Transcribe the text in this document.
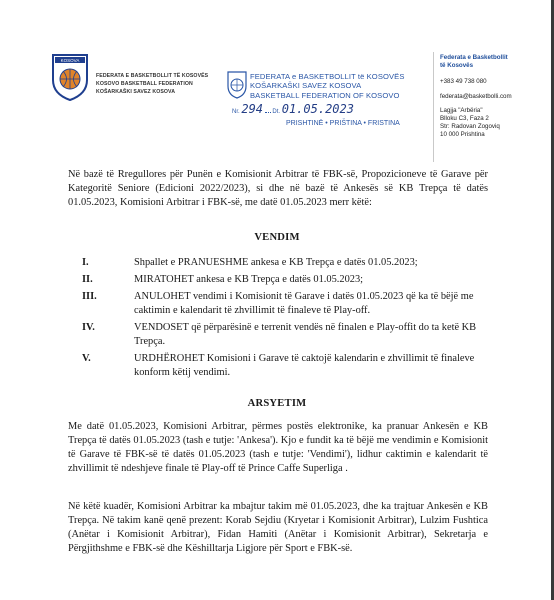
KOSOVA
FEDERATA E BASKETBOLLIT TË KOSOVËS
KOSOVO BASKETBALL FEDERATION
KOŠARKAŠKI SAVEZ KOSOVA
FEDERATA e BASKETBOLLIT të KOSOVËS
KOŠARKAŠKI SAVEZ KOSOVA
BASKETBALL FEDERATION OF KOSOVO
Nr. 294 Dt. 01.05.2023
PRISHTINË • PRIŠTINA • FRISTINA
Federata e Basketbollit
të Kosovës
+383 49 738 080
federata@basketbolli.com
Lagjja "Arbëria"
Blloku C3, Faza 2
Str: Radovan Zogoviq
10 000 Prishtina
Në bazë të Rregullores për Punën e Komisionit Arbitrar të FBK-së, Propozicioneve të Garave për Kategoritë Seniore (Edicioni 2022/2023), si dhe në bazë të Ankesës së KB Trepça të datës 01.05.2023, Komisioni Arbitrar i FBK-së, me datë 01.05.2023 merr këtë:
VENDIM
I.	Shpallet e PRANUESHME ankesa e KB Trepça e datës 01.05.2023;
II.	MIRATOHET ankesa e KB Trepça e datës 01.05.2023;
III.	ANULOHET vendimi i Komisionit të Garave i datës 01.05.2023 që ka të bëjë me caktimin e kalendarit të zhvillimit të finaleve të Play-off.
IV.	VENDOSET që përparësinë e terrenit vendës në finalen e Play-offit do ta ketë KB Trepça.
V.	URDHËROHET Komisioni i Garave të caktojë kalendarin e zhvillimit të finaleve konform këtij vendimi.
ARSYETIM
Me datë 01.05.2023, Komisioni Arbitrar, përmes postës elektronike, ka pranuar Ankesën e KB Trepça të datës 01.05.2023 (tash e tutje: 'Ankesa'). Kjo e fundit ka të bëjë me vendimin e Komisionit të Garave të FBK-së të datës 01.05.2023 (tash e tutje: 'Vendimi'), lidhur caktimin e kalendarit të zhvillimit të ndeshjeve finale të Play-off të Prince Caffe Superliga .
Në këtë kuadër, Komisioni Arbitrar ka mbajtur takim më 01.05.2023, dhe ka trajtuar Ankesën e KB Trepça. Në takim kanë qenë prezent: Korab Sejdiu (Kryetar i Komisionit Arbitrar), Lulzim Fushtica (Anëtar i Komisionit Arbitrar), Fidan Hamiti (Anëtar i Komisionit Arbitrar), Sekretarja e Përgjithshme e FBK-së dhe Këshilltarja Ligjore për Sport e FBK-së.
